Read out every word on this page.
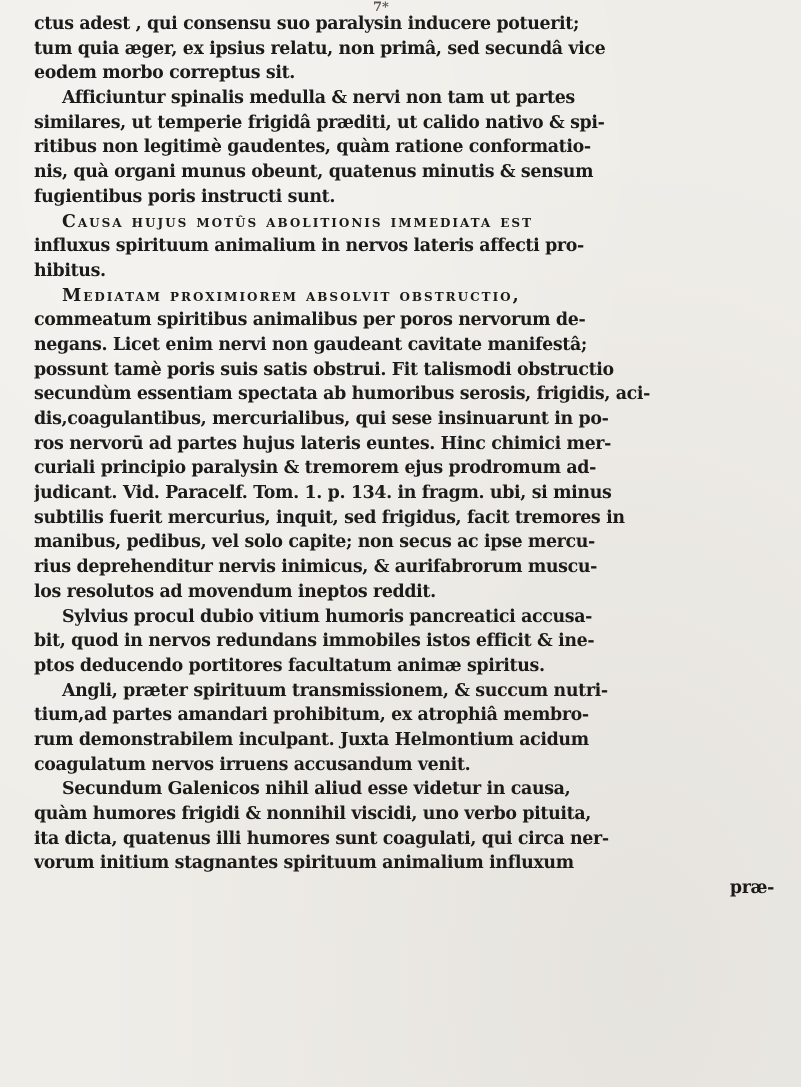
7*
ctus adest , qui consensu suo paralysin inducere potuerit;
tum quia æger, ex ipsius relatu, non primâ, sed secundâ vice
eodem morbo correptus sit.
Afficiuntur spinalis medulla & nervi non tam ut partes
similares, ut temperie frigidâ præditi, ut calido nativo & spi-
ritibus non legitimè gaudentes, quàm ratione conformatio-
nis, quà organi munus obeunt, quatenus minutis & sensum
fugientibus poris instructi sunt.
Causa hujus motûs abolitionis immediata est
influxus spirituum animalium in nervos lateris affecti pro-
hibitus.
Mediatam proximiorem absolvit obstructio,
commeatum spiritibus animalibus per poros nervorum de-
negans. Licet enim nervi non gaudeant cavitate manifestâ;
possunt tamè poris suis satis obstrui. Fit talismodi obstructio
secundùm essentiam spectata ab humoribus serosis, frigidis, aci-
dis,coagulantibus, mercurialibus, qui sese insinuarunt in po-
ros nervorū ad partes hujus lateris euntes. Hinc chimici mer-
curiali principio paralysin & tremorem ejus prodromum ad-
judicant. Vid. Paracelf. Tom. 1. p. 134. in fragm. ubi, si minus
subtilis fuerit mercurius, inquit, sed frigidus, facit tremores in
manibus, pedibus, vel solo capite; non secus ac ipse mercu-
rius deprehenditur nervis inimicus, & aurifabrorum muscu-
los resolutos ad movendum ineptos reddit.
Sylvius procul dubio vitium humoris pancreatici accusa-
bit, quod in nervos redundans immobiles istos efficit & ine-
ptos deducendo portitores facultatum animæ spiritus.
Angli, præter spirituum transmissionem, & succum nutri-
tium,ad partes amandari prohibitum, ex atrophiâ membro-
rum demonstrabilem inculpant. Juxta Helmontium acidum
coagulatum nervos irruens accusandum venit.
Secundum Galenicos nihil aliud esse videtur in causa,
quàm humores frigidi & nonnihil viscidi, uno verbo pituita,
ita dicta, quatenus illi humores sunt coagulati, qui circa ner-
vorum initium stagnantes spirituum animalium influxum
præ-
